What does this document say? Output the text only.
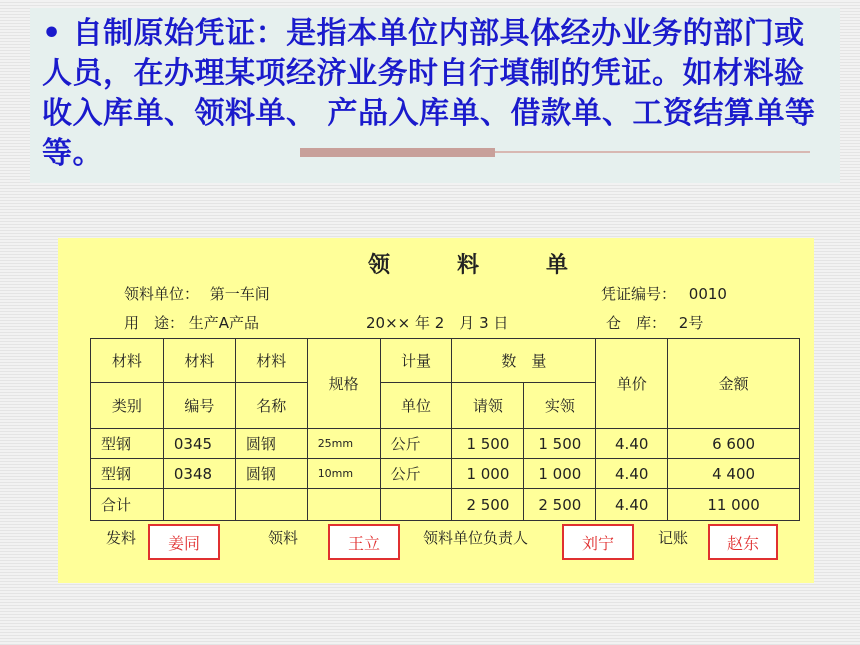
• 自制原始凭证：是指本单位内部具体经办业务的部门或人员，在办理某项经济业务时自行填制的凭证。如材料验收入库单、领料单、 产品入库单、借款单、工资结算单等等。
领	料	单
领料单位： 第一车间	凭证编号： 0010
用　途： 生产A产品	20×× 年 2　月 3 日	仓　库： 2号
材料	材料	材料	规格	计量	数　量		单价	金额
类别	编号	名称		单位	请领	实领		
型钢	0345	圆钢	25mm	公斤	1 500	1 500	4.40	6 600
型钢	0348	圆钢	10mm	公斤	1 000	1 000	4.40	4 400
合计					2 500	2 500	4.40	11 000
发料	姜同	领料	王立	领料单位负责人	刘宁	记账	赵东
